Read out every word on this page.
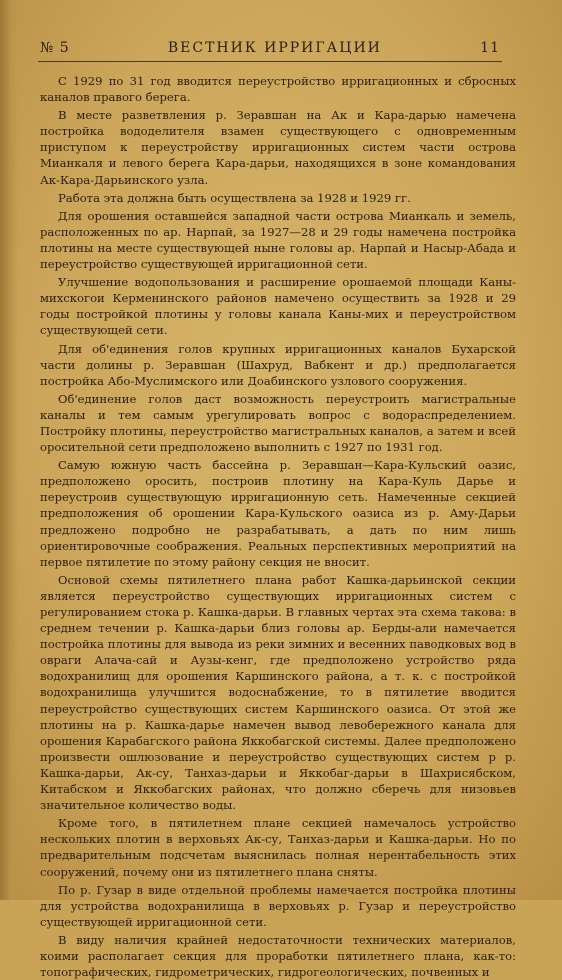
№ 5	ВЕСТНИК ИРРИГАЦИИ	11

С 1929 по 31 год вводится переустройство ирригационных и сбросных каналов правого берега.

В месте разветвления р. Зеравшан на Ак и Кара-дарью намечена постройка вододелителя взамен существующего с одновременным приступом к переустройству ирригационных систем части острова Мианкаля и левого берега Кара-дарьи, находящихся в зоне командования Ак-Кара-Дарьинского узла.

Работа эта должна быть осуществлена за 1928 и 1929 гг.

Для орошения оставшейся западной части острова Мианкаль и земель, расположенных по ар. Нарпай, за 1927—28 и 29 годы намечена постройка плотины на месте существующей ныне головы ар. Нарпай и Насыр-Абада и переустройство существующей ирригационной сети.

Улучшение водопользования и расширение орошаемой площади Каны-михскогои Керменинского районов намечено осуществить за 1928 и 29 годы постройкой плотины у головы канала Каны-мих и переустройством существующей сети.

Для об'единения голов крупных ирригационных каналов Бухарской части долины р. Зеравшан (Шахруд, Вабкент и др.) предполагается постройка Або-Муслимского или Доабинского узлового сооружения.

Об'единение голов даст возможность переустроить магистральные каналы и тем самым урегулировать вопрос с водораспределением. Постройку плотины, переустройство магистральных каналов, а затем и всей оросительной сети предположено выполнить с 1927 по 1931 год.

Самую южную часть бассейна р. Зеравшан—Кара-Кульский оазис, предположено оросить, построив плотину на Кара-Куль Дарье и переустроив существующую ирригационную сеть. Намеченные секцией предположения об орошении Кара-Кульского оазиса из р. Аму-Дарьи предложено подробно не разрабатывать, а дать по ним лишь ориентировочные соображения. Реальных перспективных мероприятий на первое пятилетие по этому району секция не вносит.

Основой схемы пятилетнего плана работ Кашка-дарьинской секции является переустройство существующих ирригационных систем с регулированием стока р. Кашка-дарьи. В главных чертах эта схема такова: в среднем течении р. Кашка-дарьи близ головы ар. Берды-али намечается постройка плотины для вывода из реки зимних и весенних паводковых вод в овраги Алача-сай и Аузы-кенг, где предположено устройство ряда водохранилищ для орошения Каршинского района, а т. к. с постройкой водохранилища улучшится водоснабжение, то в пятилетие вводится переустройство существующих систем Каршинского оазиса. От этой же плотины на р. Кашка-дарье намечен вывод левобережного канала для орошения Карабагского района Яккобагской системы. Далее предположено произвести ошлюзование и переустройство существующих систем р р. Кашка-дарьи, Ак-су, Танхаз-дарьи и Яккобаг-дарьи в Шахрисябском, Китабском и Яккобагских районах, что должно сберечь для низовьев значительное количество воды.

Кроме того, в пятилетнем плане секцией намечалось устройство нескольких плотин в верховьях Ак-су, Танхаз-дарьи и Кашка-дарьи. Но по предварительным подсчетам выяснилась полная нерентабельность этих сооружений, почему они из пятилетнего плана сняты.

По р. Гузар в виде отдельной проблемы намечается постройка плотины для устройства водохранилища в верховьях р. Гузар и переустройство существующей ирригационной сети.

В виду наличия крайней недостаточности технических материалов, коими располагает секция для проработки пятилетнего плана, как-то: топографических, гидрометрических, гидрогеологических, почвенных и
